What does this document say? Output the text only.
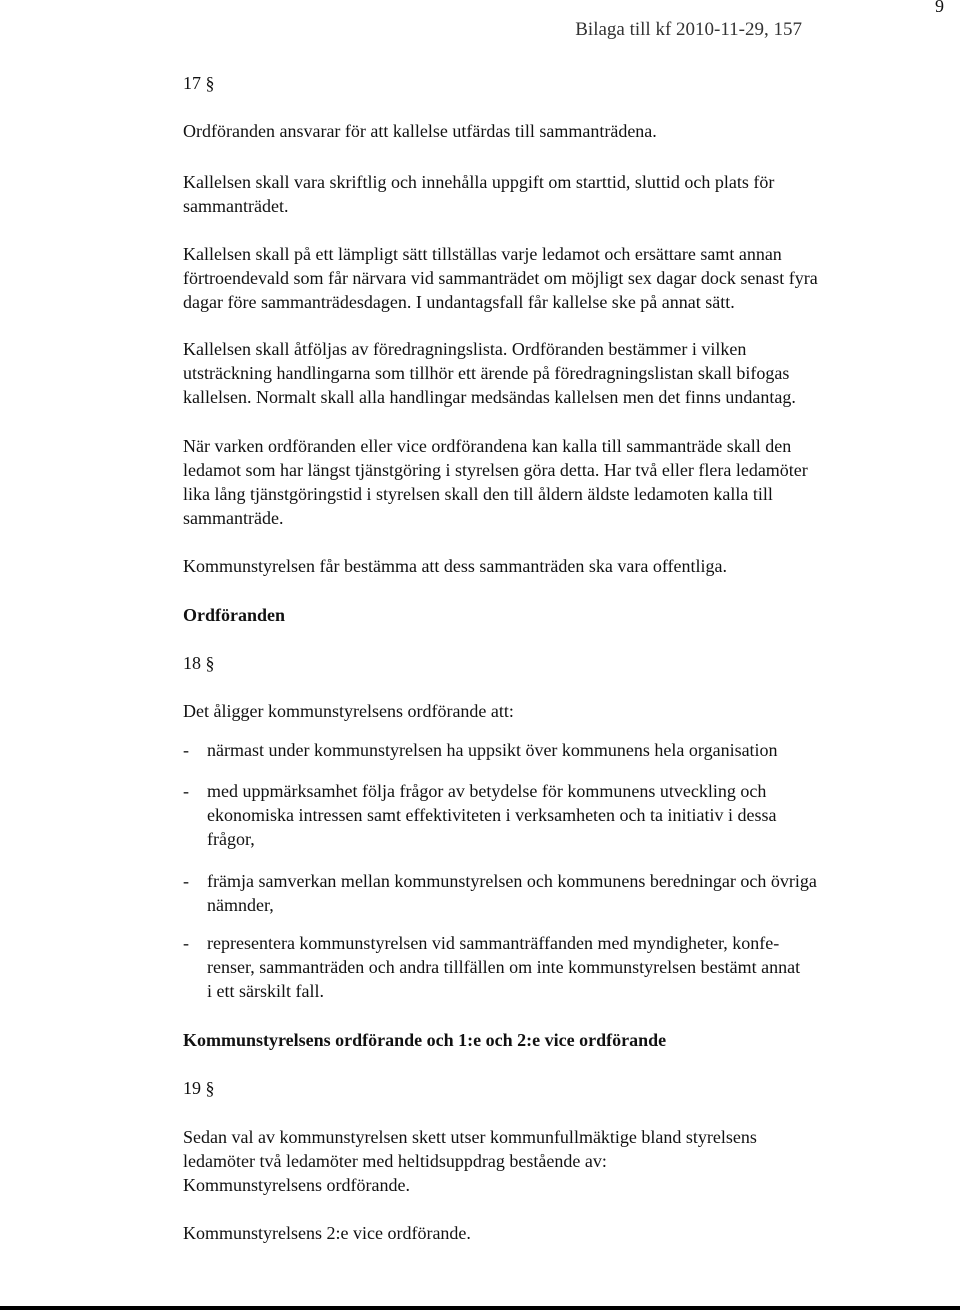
9
Bilaga till kf 2010-11-29, 157
17 §
Ordföranden ansvarar för att kallelse utfärdas till sammanträdena.
Kallelsen skall vara skriftlig och innehålla uppgift om starttid, sluttid och plats för
sammanträdet.
Kallelsen skall på ett lämpligt sätt tillställas varje ledamot och ersättare samt annan
förtroendevald som får närvara vid sammanträdet om möjligt sex dagar dock senast fyra
dagar före sammanträdesdagen. I undantagsfall får kallelse ske på annat sätt.
Kallelsen skall åtföljas av föredragningslista. Ordföranden bestämmer i vilken
utsträckning handlingarna som tillhör ett ärende på föredragningslistan skall bifogas
kallelsen. Normalt skall alla handlingar medsändas kallelsen men det finns undantag.
När varken ordföranden eller vice ordförandena kan kalla till sammanträde skall den
ledamot som har längst tjänstgöring i styrelsen göra detta. Har två eller flera ledamöter
lika lång tjänstgöringstid i styrelsen skall den till åldern äldste ledamoten kalla till
sammanträde.
Kommunstyrelsen får bestämma att dess sammanträden ska vara offentliga.
Ordföranden
18 §
Det åligger kommunstyrelsens ordförande att:
- närmast under kommunstyrelsen ha uppsikt över kommunens hela organisation
- med uppmärksamhet följa frågor av betydelse för kommunens utveckling och
ekonomiska intressen samt effektiviteten i verksamheten och ta initiativ i dessa
frågor,
- främja samverkan mellan kommunstyrelsen och kommunens beredningar och övriga
nämnder,
- representera kommunstyrelsen vid sammanträffanden med myndigheter, konfe-
renser, sammanträden och andra tillfällen om inte kommunstyrelsen bestämt annat
i ett särskilt fall.
Kommunstyrelsens ordförande och 1:e och 2:e vice ordförande
19 §
Sedan val av kommunstyrelsen skett utser kommunfullmäktige bland styrelsens
ledamöter två ledamöter med heltidsuppdrag bestående av:
Kommunstyrelsens ordförande.
Kommunstyrelsens 2:e vice ordförande.
